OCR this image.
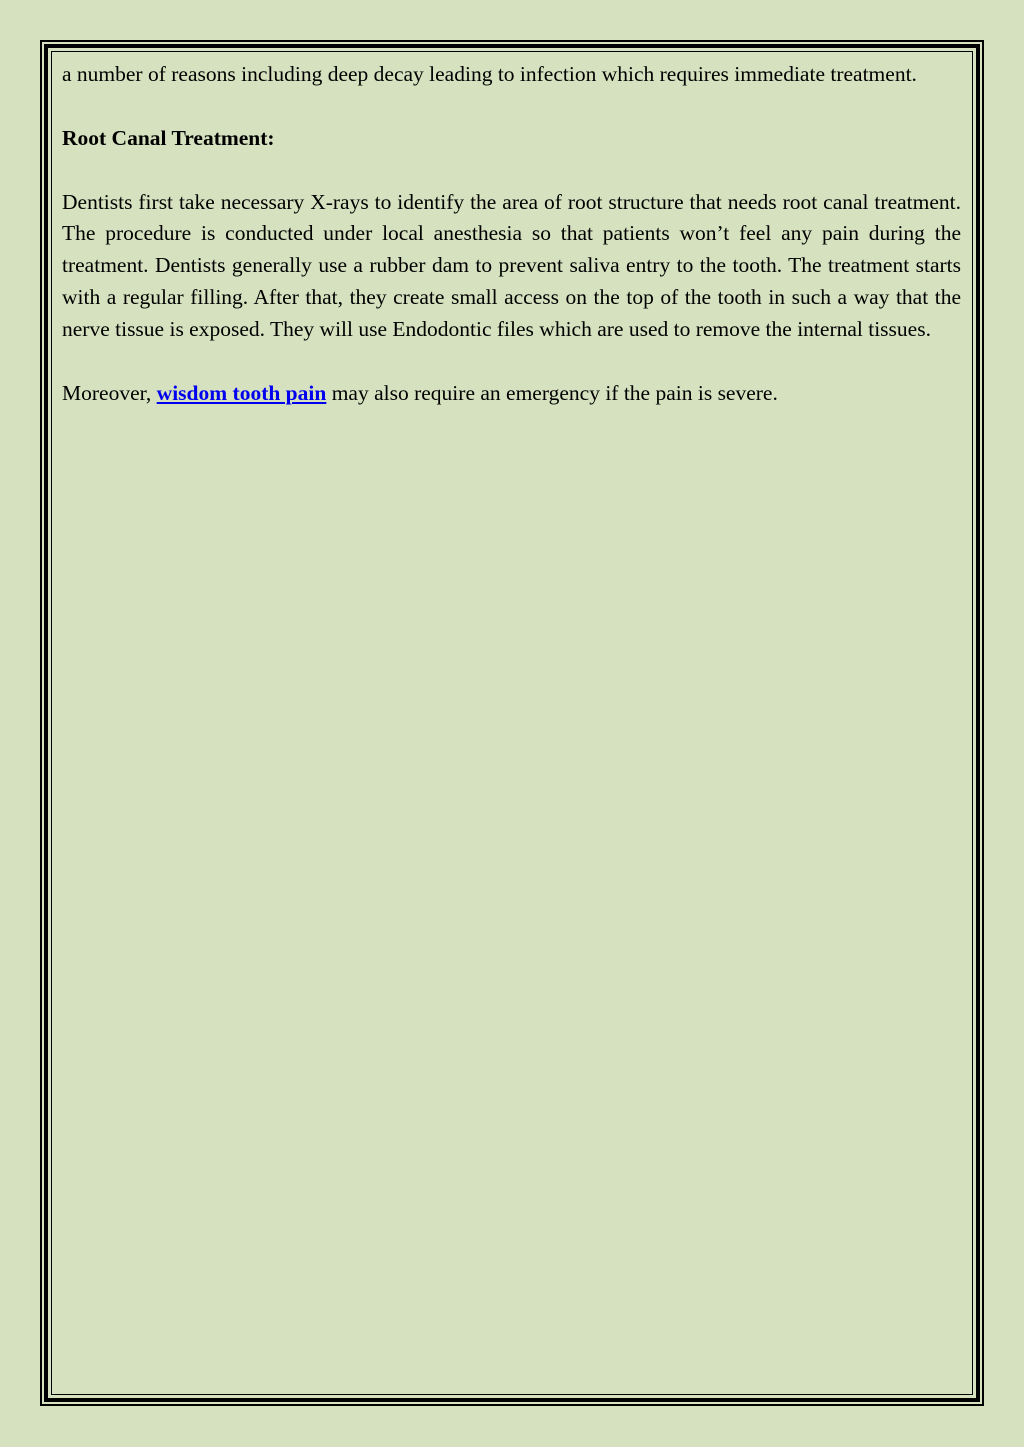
a number of reasons including deep decay leading to infection which requires immediate treatment.

Root Canal Treatment:

Dentists first take necessary X-rays to identify the area of root structure that needs root canal treatment. The procedure is conducted under local anesthesia so that patients won’t feel any pain during the treatment. Dentists generally use a rubber dam to prevent saliva entry to the tooth. The treatment starts with a regular filling. After that, they create small access on the top of the tooth in such a way that the nerve tissue is exposed. They will use Endodontic files which are used to remove the internal tissues.

Moreover, wisdom tooth pain may also require an emergency if the pain is severe.
